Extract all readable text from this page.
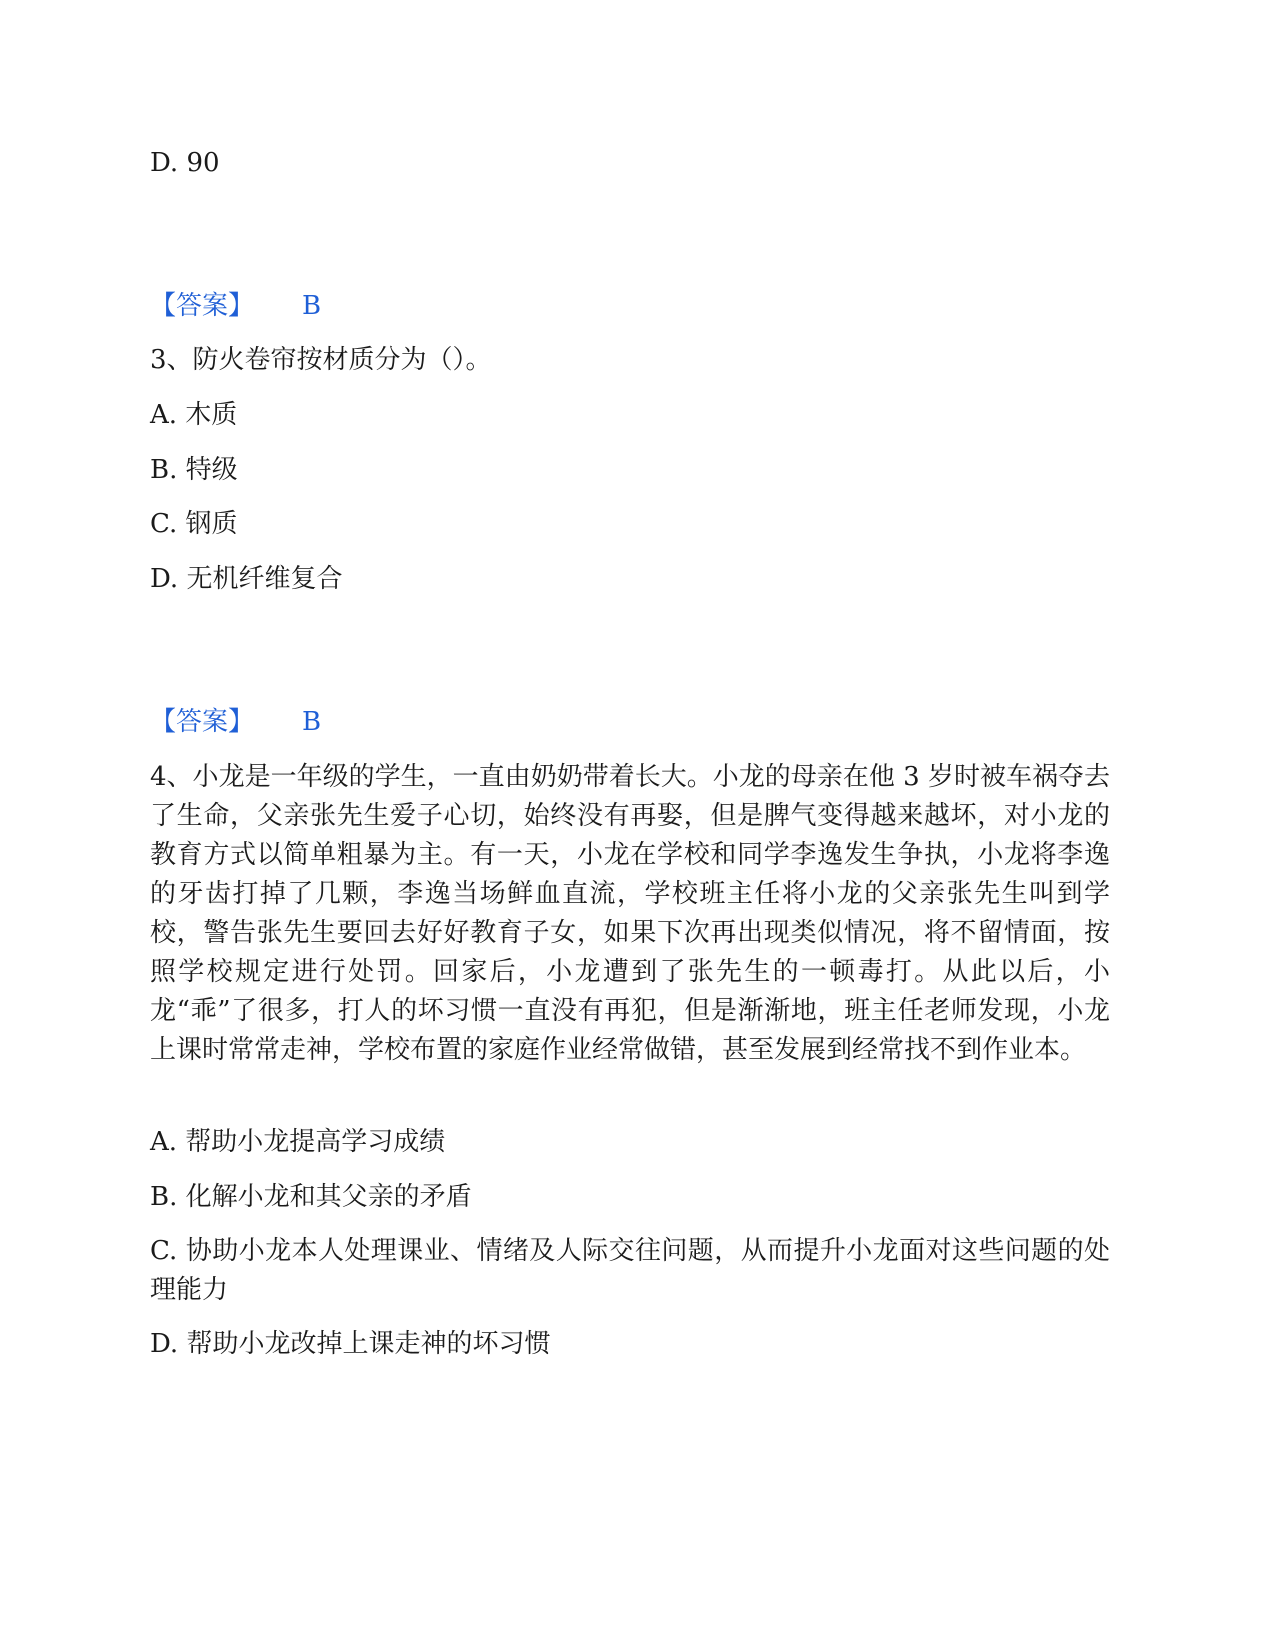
D. 90
【答案】 B
3、防火卷帘按材质分为（）。
A. 木质
B. 特级
C. 钢质
D. 无机纤维复合
【答案】 B
4、小龙是一年级的学生，一直由奶奶带着长大。小龙的母亲在他 3 岁时被车祸夺去了生命，父亲张先生爱子心切，始终没有再娶，但是脾气变得越来越坏，对小龙的教育方式以简单粗暴为主。有一天，小龙在学校和同学李逸发生争执，小龙将李逸的牙齿打掉了几颗，李逸当场鲜血直流，学校班主任将小龙的父亲张先生叫到学校，警告张先生要回去好好教育子女，如果下次再出现类似情况，将不留情面，按照学校规定进行处罚。回家后，小龙遭到了张先生的一顿毒打。从此以后，小龙“乖”了很多，打人的坏习惯一直没有再犯，但是渐渐地，班主任老师发现，小龙上课时常常走神，学校布置的家庭作业经常做错，甚至发展到经常找不到作业本。
A. 帮助小龙提高学习成绩
B. 化解小龙和其父亲的矛盾
C. 协助小龙本人处理课业、情绪及人际交往问题，从而提升小龙面对这些问题的处理能力
D. 帮助小龙改掉上课走神的坏习惯
